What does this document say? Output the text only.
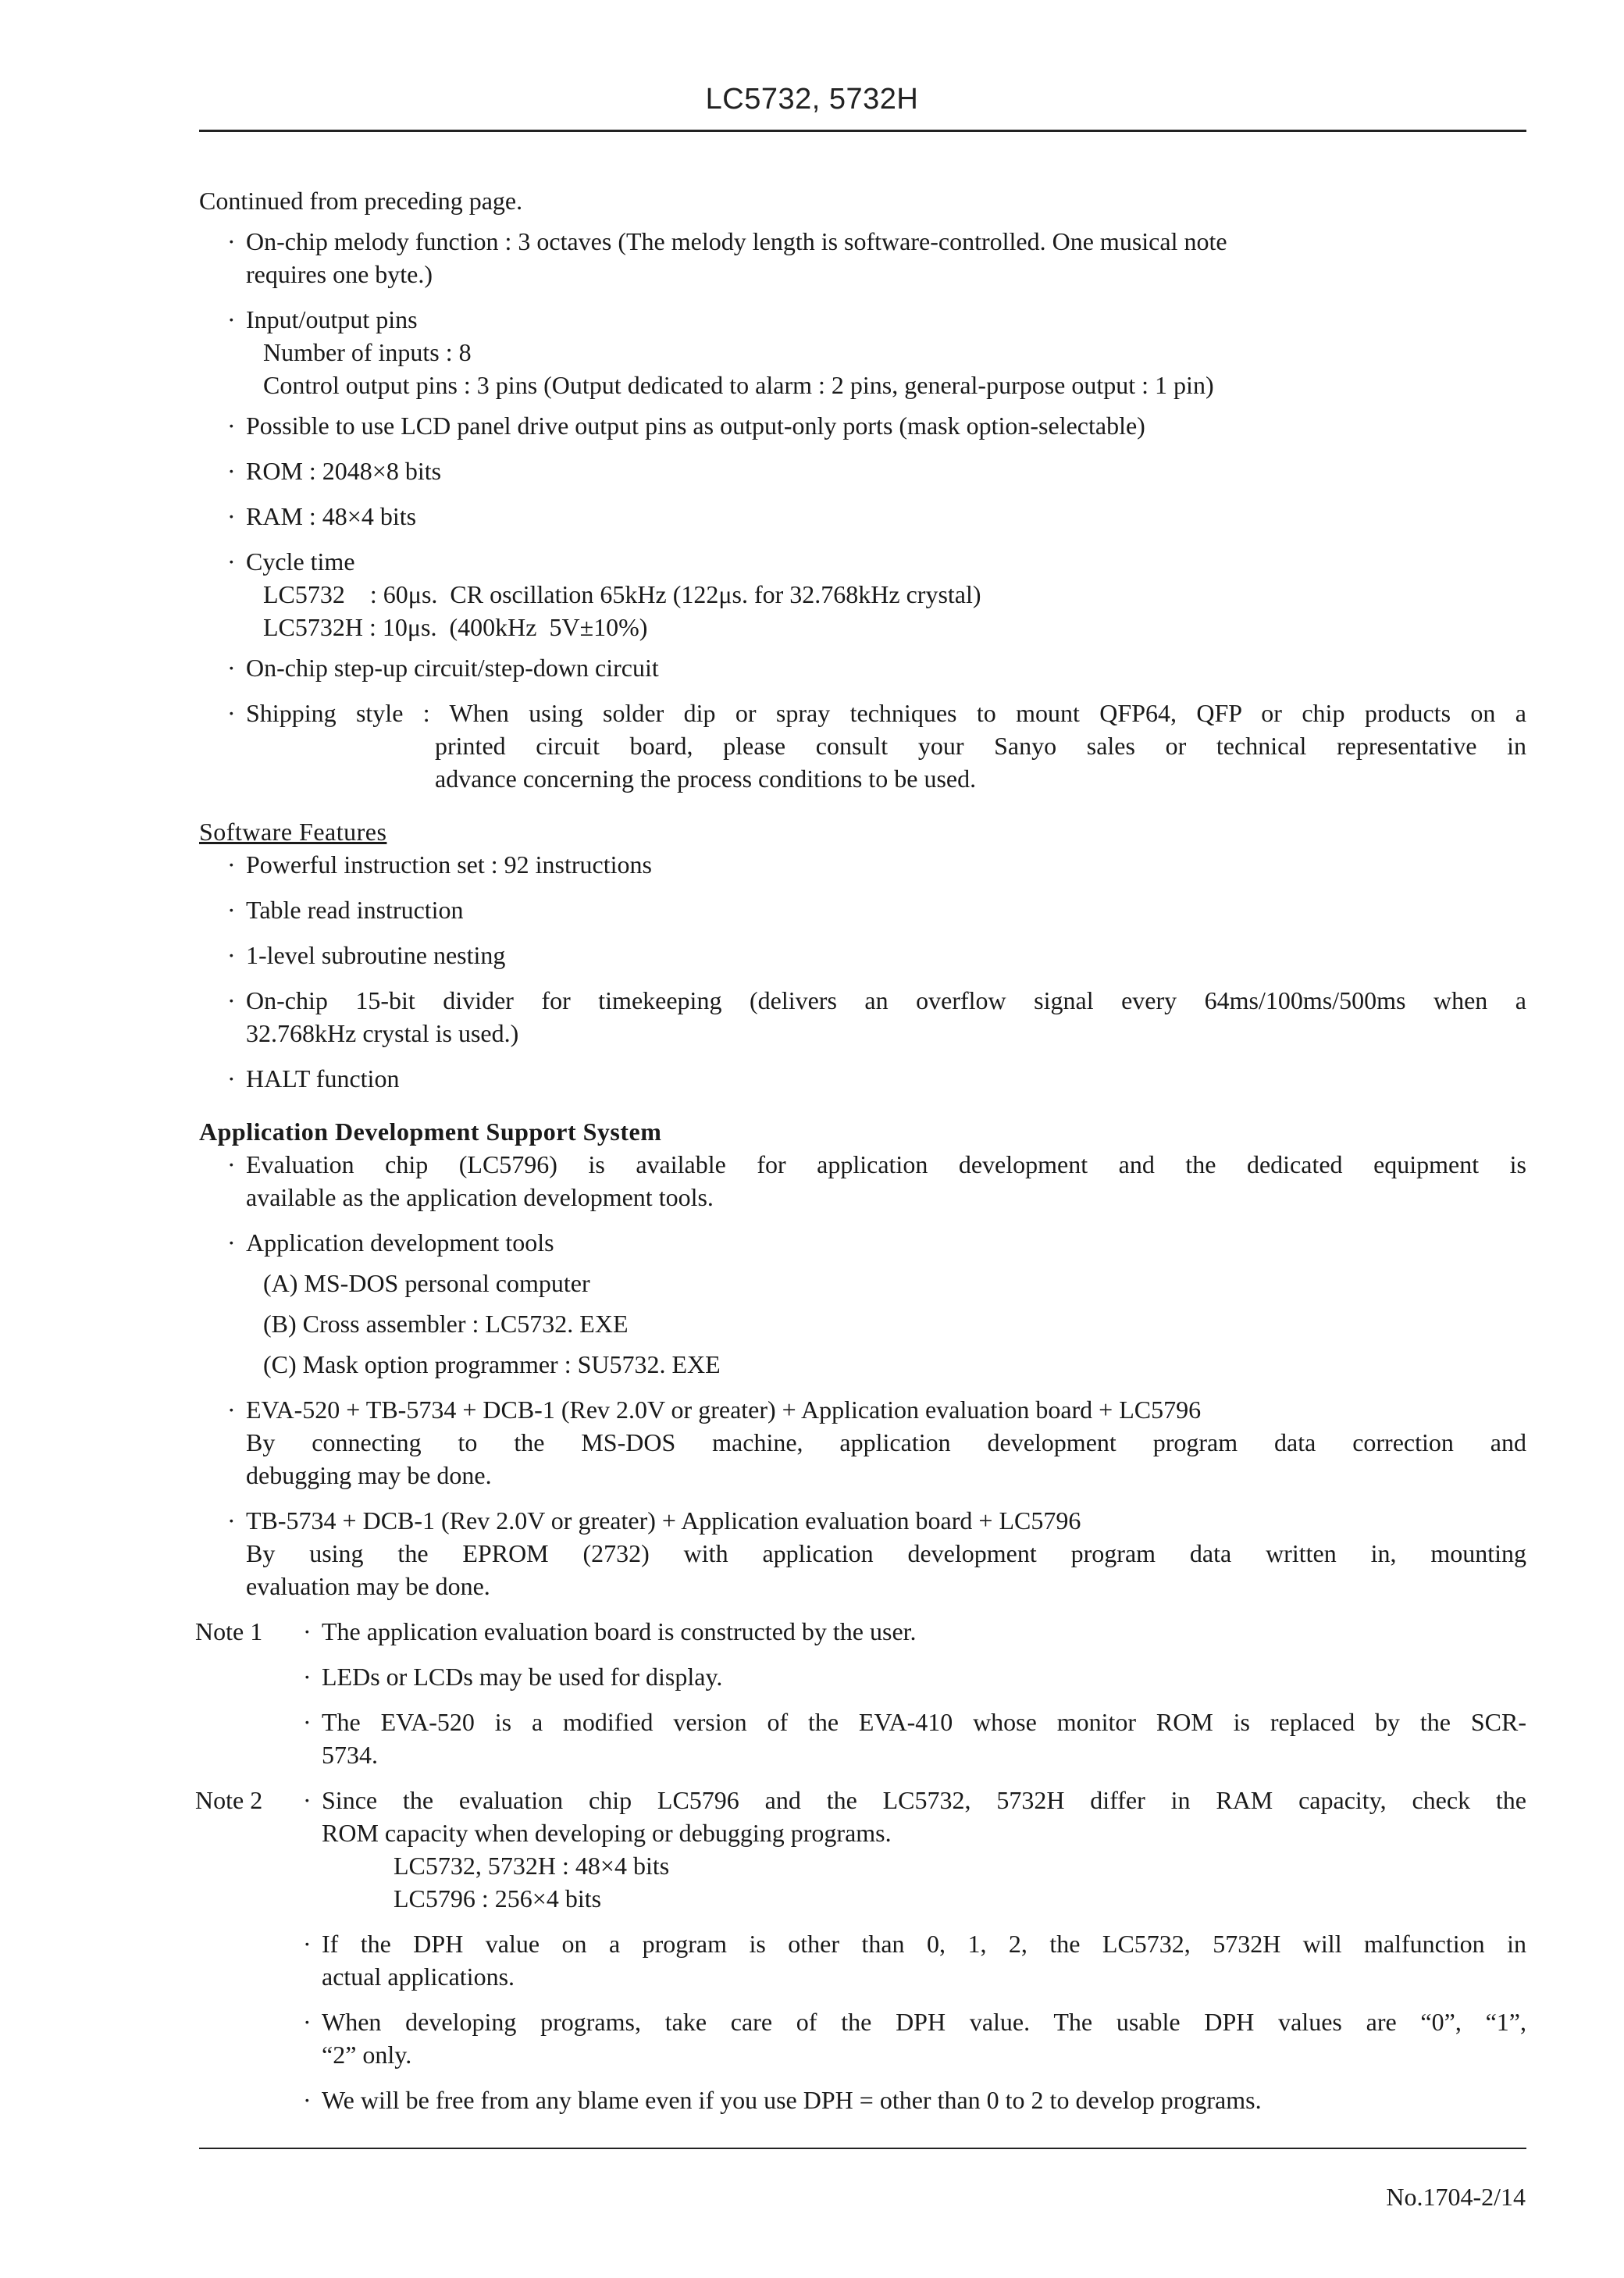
LC5732, 5732H
Continued from preceding page.
· On-chip melody function : 3 octaves (The melody length is software-controlled. One musical note
requires one byte.)
· Input/output pins
Number of inputs : 8
Control output pins : 3 pins (Output dedicated to alarm : 2 pins, general-purpose output : 1 pin)
· Possible to use LCD panel drive output pins as output-only ports (mask option-selectable)
· ROM : 2048×8 bits
· RAM : 48×4 bits
· Cycle time
LC5732    : 60μs.  CR oscillation 65kHz (122μs. for 32.768kHz crystal)
LC5732H : 10μs.  (400kHz  5V±10%)
· On-chip step-up circuit/step-down circuit
· Shipping style : When using solder dip or spray techniques to mount QFP64, QFP or chip products on a
printed circuit board, please consult your Sanyo sales or technical representative in
advance concerning the process conditions to be used.
Software Features
· Powerful instruction set : 92 instructions
· Table read instruction
· 1-level subroutine nesting
· On-chip 15-bit divider for timekeeping (delivers an overflow signal every 64ms/100ms/500ms when a
32.768kHz crystal is used.)
· HALT function
Application Development Support System
· Evaluation chip (LC5796) is available for application development and the dedicated equipment is
available as the application development tools.
· Application development tools
(A) MS-DOS personal computer
(B) Cross assembler : LC5732. EXE
(C) Mask option programmer : SU5732. EXE
· EVA-520 + TB-5734 + DCB-1 (Rev 2.0V or greater) + Application evaluation board + LC5796
By connecting to the MS-DOS machine, application development program data correction and
debugging may be done.
· TB-5734 + DCB-1 (Rev 2.0V or greater) + Application evaluation board + LC5796
By using the EPROM (2732) with application development program data written in, mounting
evaluation may be done.
Note 1 · The application evaluation board is constructed by the user.
· LEDs or LCDs may be used for display.
· The EVA-520 is a modified version of the EVA-410 whose monitor ROM is replaced by the SCR-
5734.
Note 2 · Since the evaluation chip LC5796 and the LC5732, 5732H differ in RAM capacity, check the
ROM capacity when developing or debugging programs.
LC5732, 5732H : 48×4 bits
LC5796 : 256×4 bits
· If the DPH value on a program is other than 0, 1, 2, the LC5732, 5732H will malfunction in
actual applications.
· When developing programs, take care of the DPH value. The usable DPH values are “0”, “1”,
“2” only.
· We will be free from any blame even if you use DPH = other than 0 to 2 to develop programs.
No.1704-2/14
